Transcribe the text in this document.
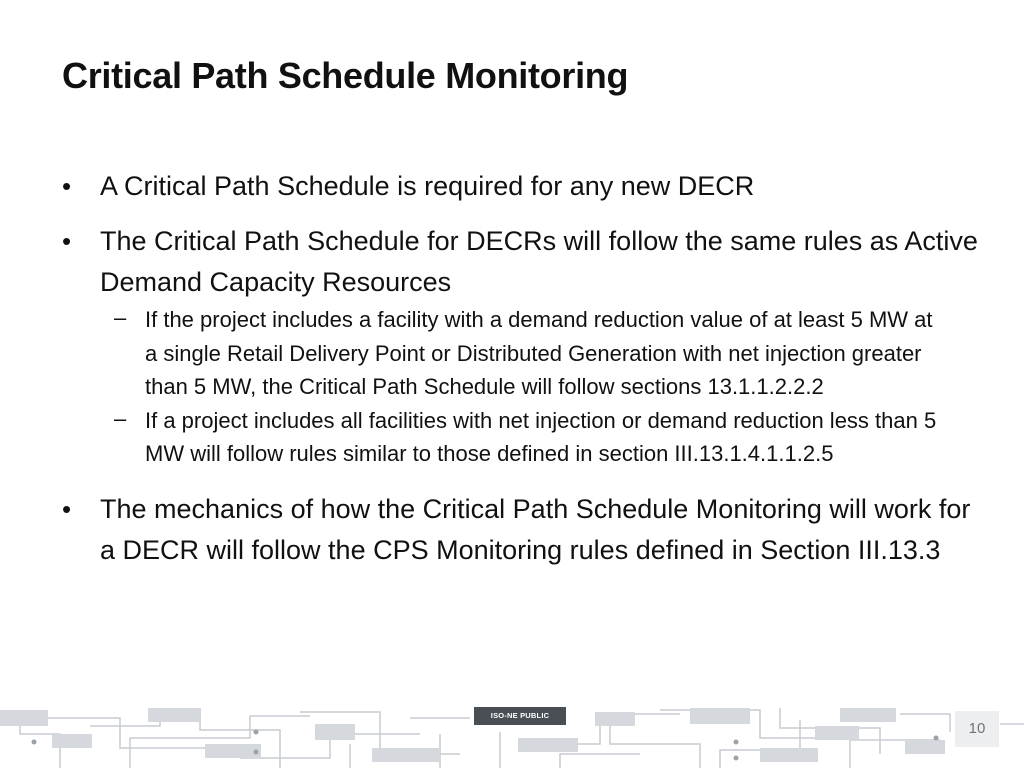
Critical Path Schedule Monitoring
• A Critical Path Schedule is required for any new DECR
• The Critical Path Schedule for DECRs will follow the same rules as Active Demand Capacity Resources
– If the project includes a facility with a demand reduction value of at least 5 MW at a single Retail Delivery Point or Distributed Generation with net injection greater than 5 MW, the Critical Path Schedule will follow sections 13.1.1.2.2.2
– If a project includes all facilities with net injection or demand reduction less than 5 MW will follow rules similar to those defined in section III.13.1.4.1.1.2.5
• The mechanics of how the Critical Path Schedule Monitoring will work for a DECR will follow the CPS Monitoring rules defined in Section III.13.3
ISO-NE PUBLIC
10
